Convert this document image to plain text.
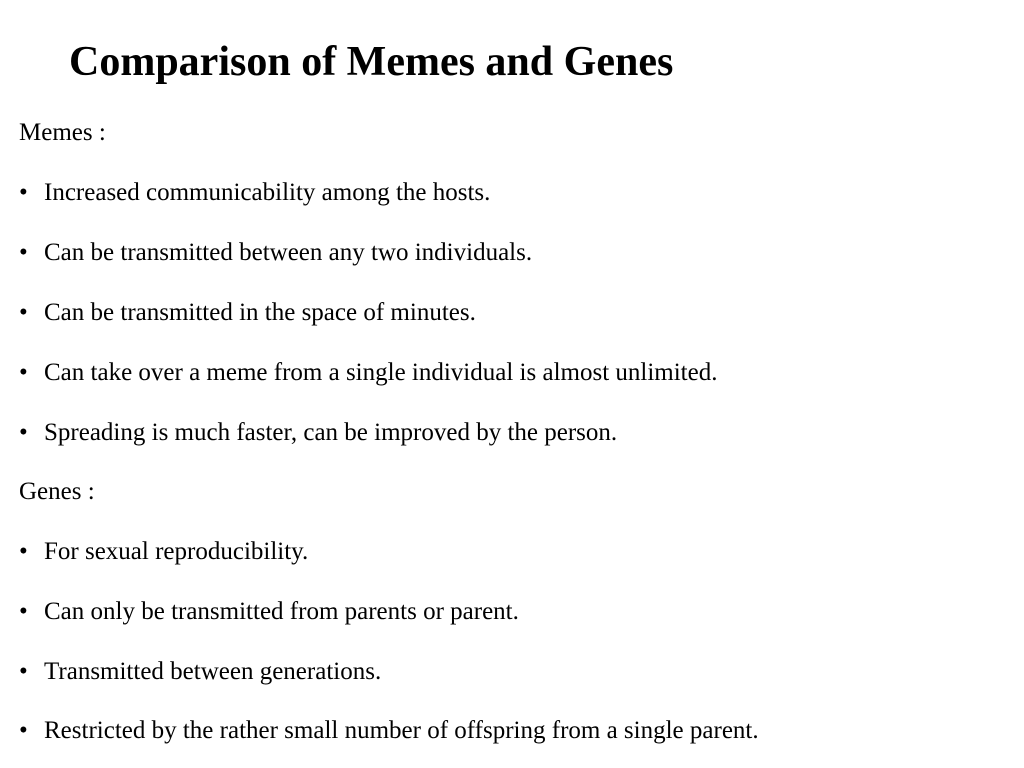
Comparison of Memes and Genes
Memes :
• Increased communicability among the hosts.
• Can be transmitted between any two individuals.
• Can be transmitted in the space of minutes.
• Can take over a meme from a single individual is almost unlimited.
• Spreading is much faster, can be improved by the person.
Genes :
• For sexual reproducibility.
• Can only be transmitted from parents or parent.
• Transmitted between generations.
• Restricted by the rather small number of offspring from a single parent.
